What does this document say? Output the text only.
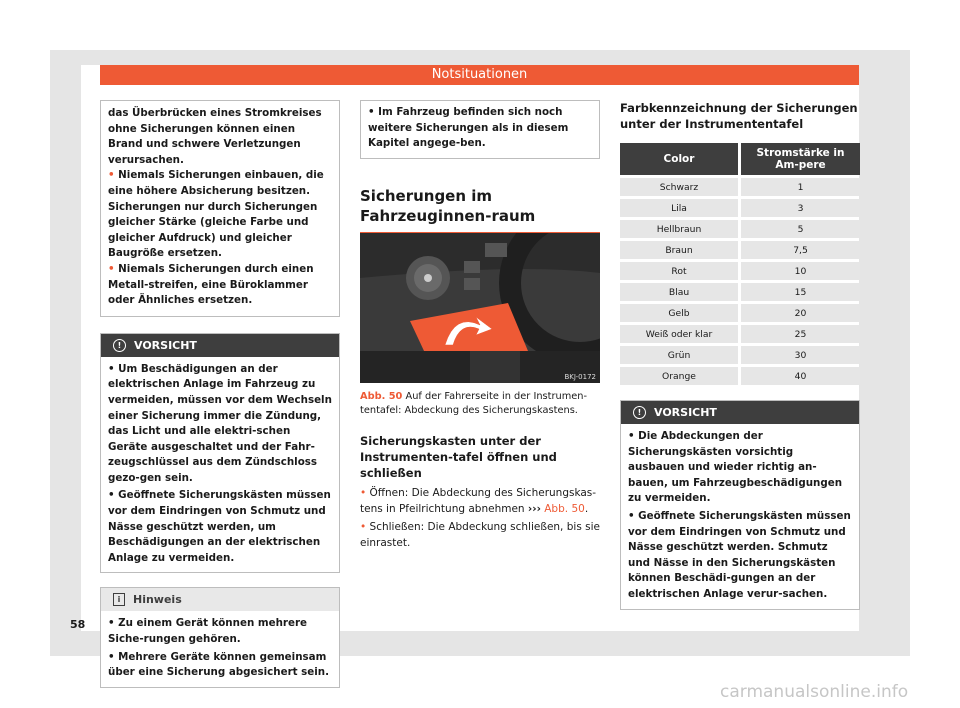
Notsituationen
das Überbrücken eines Stromkreises ohne Sicherungen können einen Brand und schwere Verletzungen verursachen.
• Niemals Sicherungen einbauen, die eine höhere Absicherung besitzen. Sicherungen nur durch Sicherungen gleicher Stärke (gleiche Farbe und gleicher Aufdruck) und gleicher Baugröße ersetzen.
• Niemals Sicherungen durch einen Metall-streifen, eine Büroklammer oder Ähnliches ersetzen.
!	VORSICHT
• Um Beschädigungen an der elektrischen Anlage im Fahrzeug zu vermeiden, müssen vor dem Wechseln einer Sicherung immer die Zündung, das Licht und alle elektri-schen Geräte ausgeschaltet und der Fahr-zeugschlüssel aus dem Zündschloss gezo-gen sein.
• Geöffnete Sicherungskästen müssen vor dem Eindringen von Schmutz und Nässe geschützt werden, um Beschädigungen an der elektrischen Anlage zu vermeiden.
i	Hinweis
• Zu einem Gerät können mehrere Siche-rungen gehören.
• Mehrere Geräte können gemeinsam über eine Sicherung abgesichert sein.
• Im Fahrzeug befinden sich noch weitere Sicherungen als in diesem Kapitel angege-ben.
Sicherungen im Fahrzeuginnen-raum
BKJ-0172
Abb. 50 Auf der Fahrerseite in der Instrumen-tentafel: Abdeckung des Sicherungskastens.
Sicherungskasten unter der Instrumenten-tafel öffnen und schließen
• Öffnen: Die Abdeckung des Sicherungskas-tens in Pfeilrichtung abnehmen ››› Abb. 50.
• Schließen: Die Abdeckung schließen, bis sie einrastet.
Farbkennzeichnung der Sicherungen unter der Instrumententafel
Color	Stromstärke in Am-pere
Schwarz	1
Lila	3
Hellbraun	5
Braun	7,5
Rot	10
Blau	15
Gelb	20
Weiß oder klar	25
Grün	30
Orange	40
!	VORSICHT
• Die Abdeckungen der Sicherungskästen vorsichtig ausbauen und wieder richtig an-bauen, um Fahrzeugbeschädigungen zu vermeiden.
• Geöffnete Sicherungskästen müssen vor dem Eindringen von Schmutz und Nässe geschützt werden. Schmutz und Nässe in den Sicherungskästen können Beschädi-gungen an der elektrischen Anlage verur-sachen.
58
carmanualsonline.info
